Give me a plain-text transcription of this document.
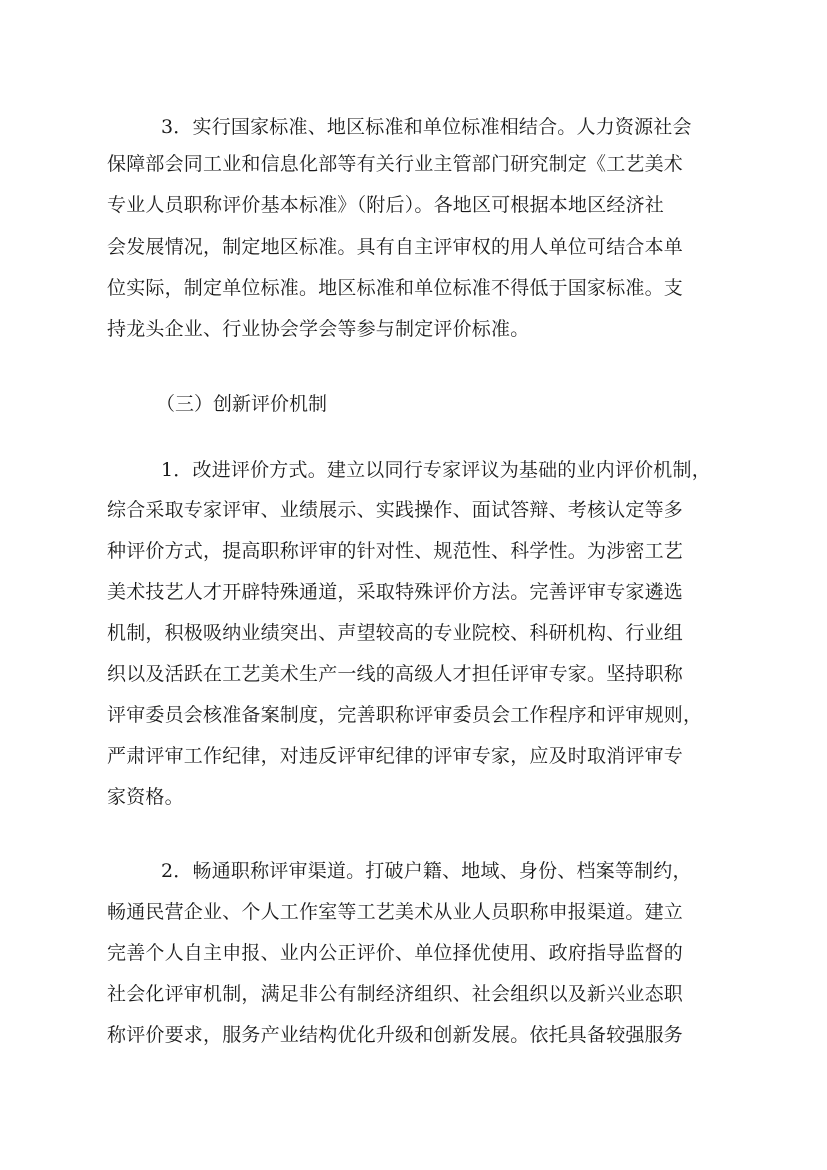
3．实行国家标准、地区标准和单位标准相结合。人力资源社会
保障部会同工业和信息化部等有关行业主管部门研究制定《工艺美术
专业人员职称评价基本标准》（附后）。各地区可根据本地区经济社
会发展情况，制定地区标准。具有自主评审权的用人单位可结合本单
位实际，制定单位标准。地区标准和单位标准不得低于国家标准。支
持龙头企业、行业协会学会等参与制定评价标准。
（三）创新评价机制
1．改进评价方式。建立以同行专家评议为基础的业内评价机制，
综合采取专家评审、业绩展示、实践操作、面试答辩、考核认定等多
种评价方式，提高职称评审的针对性、规范性、科学性。为涉密工艺
美术技艺人才开辟特殊通道，采取特殊评价方法。完善评审专家遴选
机制，积极吸纳业绩突出、声望较高的专业院校、科研机构、行业组
织以及活跃在工艺美术生产一线的高级人才担任评审专家。坚持职称
评审委员会核准备案制度，完善职称评审委员会工作程序和评审规则，
严肃评审工作纪律，对违反评审纪律的评审专家，应及时取消评审专
家资格。
2．畅通职称评审渠道。打破户籍、地域、身份、档案等制约，
畅通民营企业、个人工作室等工艺美术从业人员职称申报渠道。建立
完善个人自主申报、业内公正评价、单位择优使用、政府指导监督的
社会化评审机制，满足非公有制经济组织、社会组织以及新兴业态职
称评价要求，服务产业结构优化升级和创新发展。依托具备较强服务
